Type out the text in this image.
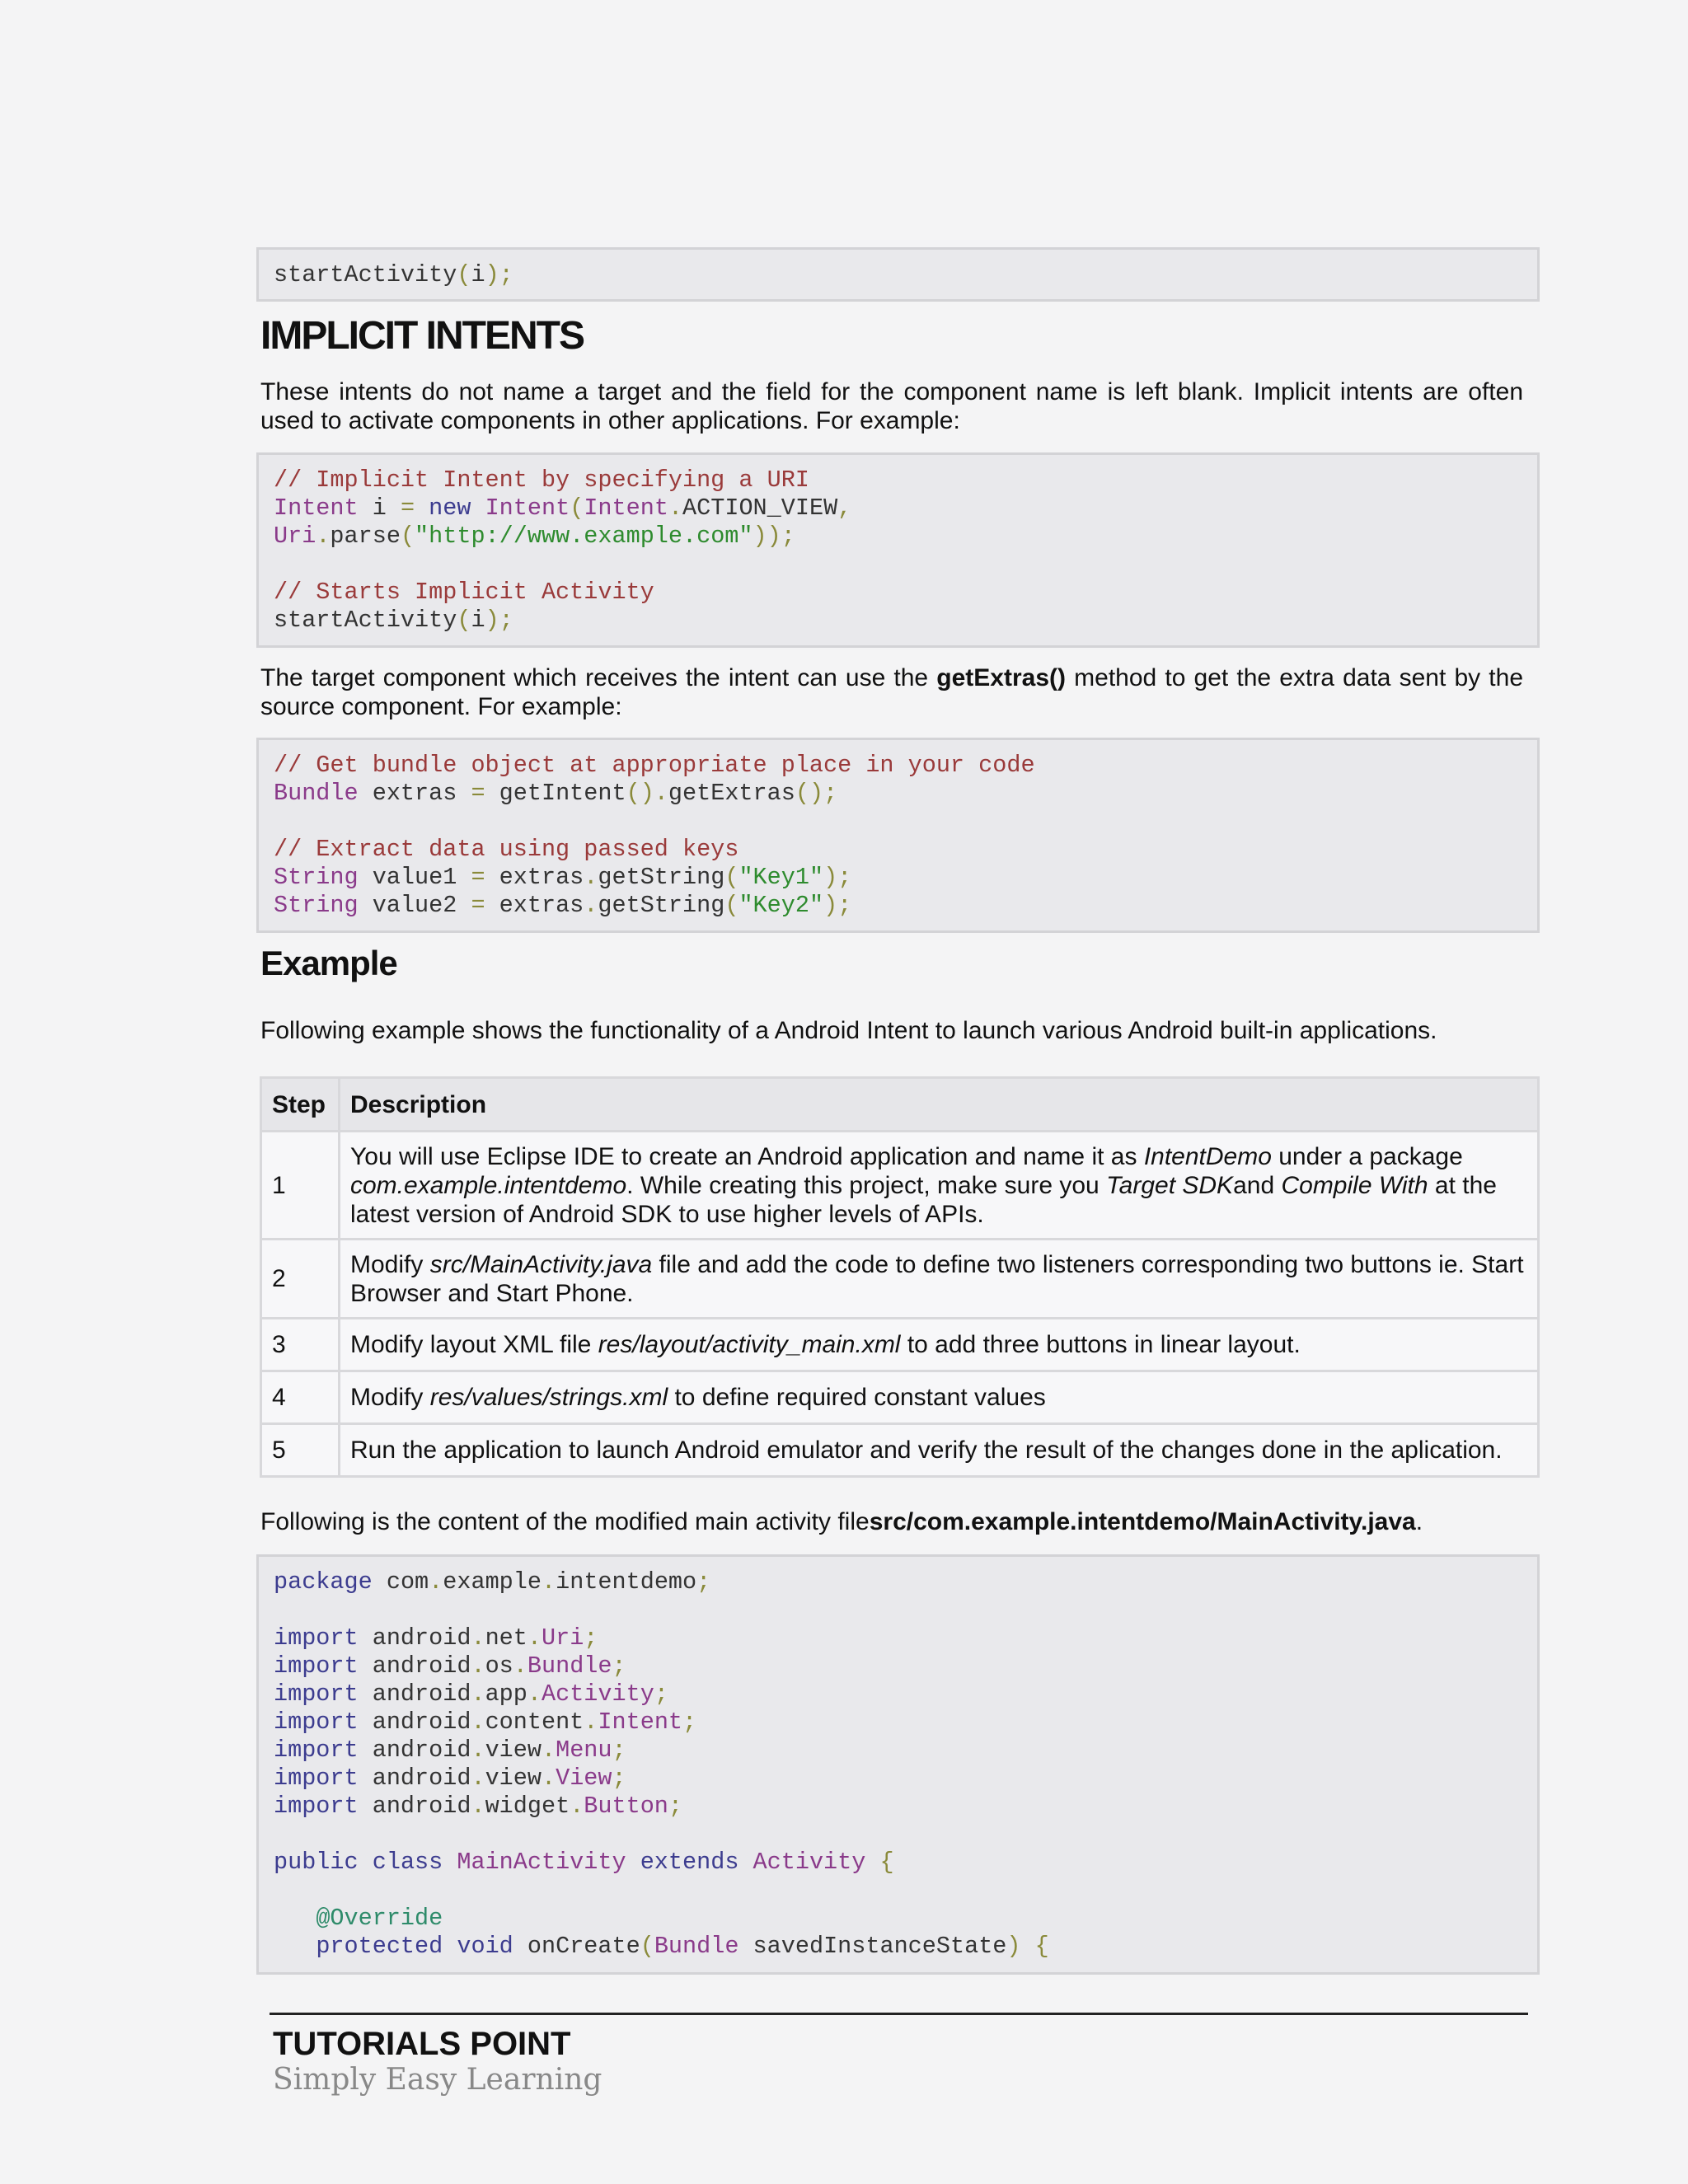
startActivity(i);
IMPLICIT INTENTS

These intents do not name a target and the field for the component name is left blank. Implicit intents are often used to activate components in other applications. For example:

// Implicit Intent by specifying a URI
Intent i = new Intent(Intent.ACTION_VIEW,
Uri.parse("http://www.example.com"));

// Starts Implicit Activity
startActivity(i);

The target component which receives the intent can use the getExtras() method to get the extra data sent by the source component. For example:

// Get bundle object at appropriate place in your code
Bundle extras = getIntent().getExtras();

// Extract data using passed keys
String value1 = extras.getString("Key1");
String value2 = extras.getString("Key2");
Example

Following example shows the functionality of a Android Intent to launch various Android built-in applications.

Step	Description
1	You will use Eclipse IDE to create an Android application and name it as IntentDemo under a package com.example.intentdemo. While creating this project, make sure you Target SDKand Compile With at the latest version of Android SDK to use higher levels of APIs.
2	Modify src/MainActivity.java file and add the code to define two listeners corresponding two buttons ie. Start Browser and Start Phone.
3	Modify layout XML file res/layout/activity_main.xml to add three buttons in linear layout.
4	Modify res/values/strings.xml to define required constant values
5	Run the application to launch Android emulator and verify the result of the changes done in the aplication.

Following is the content of the modified main activity filesrc/com.example.intentdemo/MainActivity.java.

package com.example.intentdemo;

import android.net.Uri;
import android.os.Bundle;
import android.app.Activity;
import android.content.Intent;
import android.view.Menu;
import android.view.View;
import android.widget.Button;

public class MainActivity extends Activity {

@Override
protected void onCreate(Bundle savedInstanceState) {
TUTORIALS POINT
Simply Easy Learning
